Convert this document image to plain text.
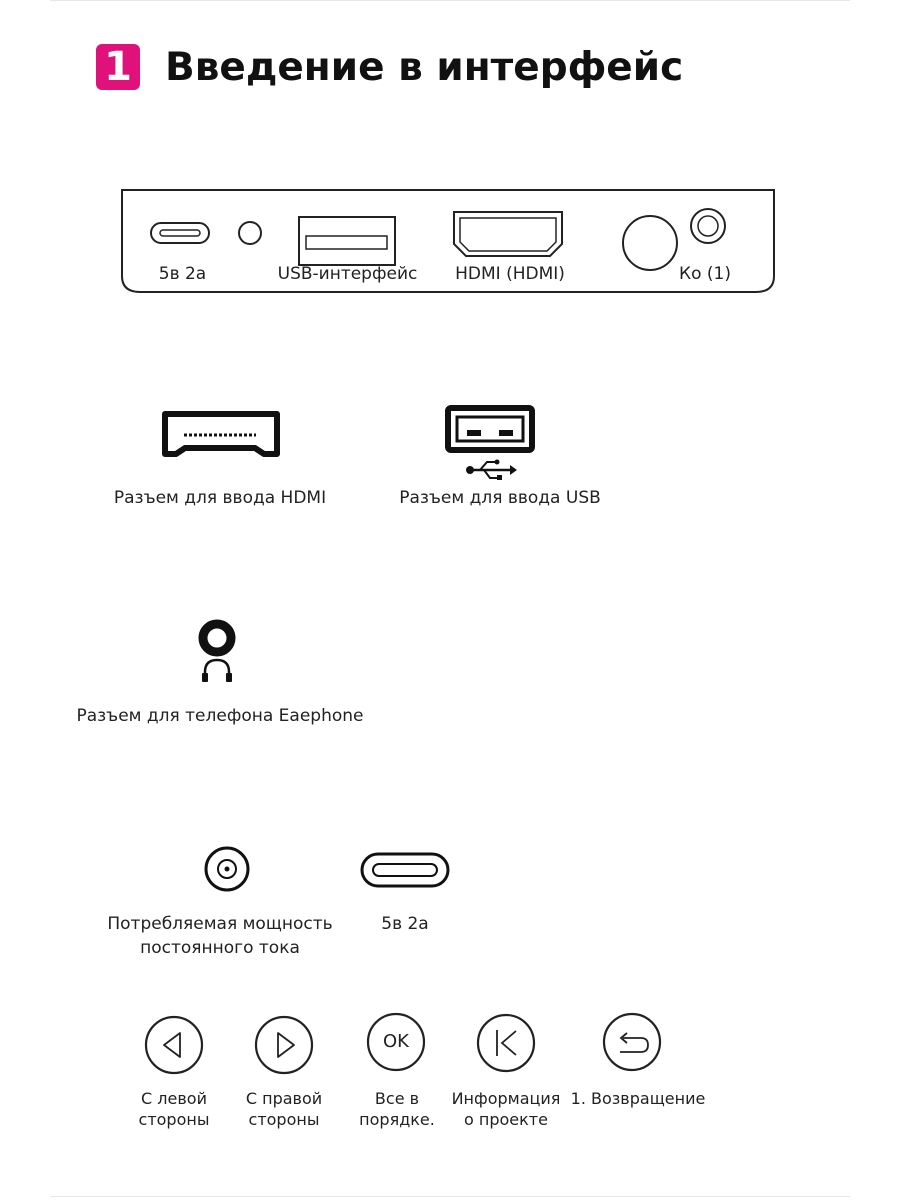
1 Введение в интерфейс
5в 2а	USB-интерфейс	HDMI (HDMI)	Ко (1)
Разъем для ввода HDMI	Разъем для ввода USB
Разъем для телефона Eaephone
Потребляемая мощность
постоянного тока
5в 2а
OK
С левой
стороны
С правой
стороны
Все в
порядке.
Информация
о проекте
1. Возвращение
